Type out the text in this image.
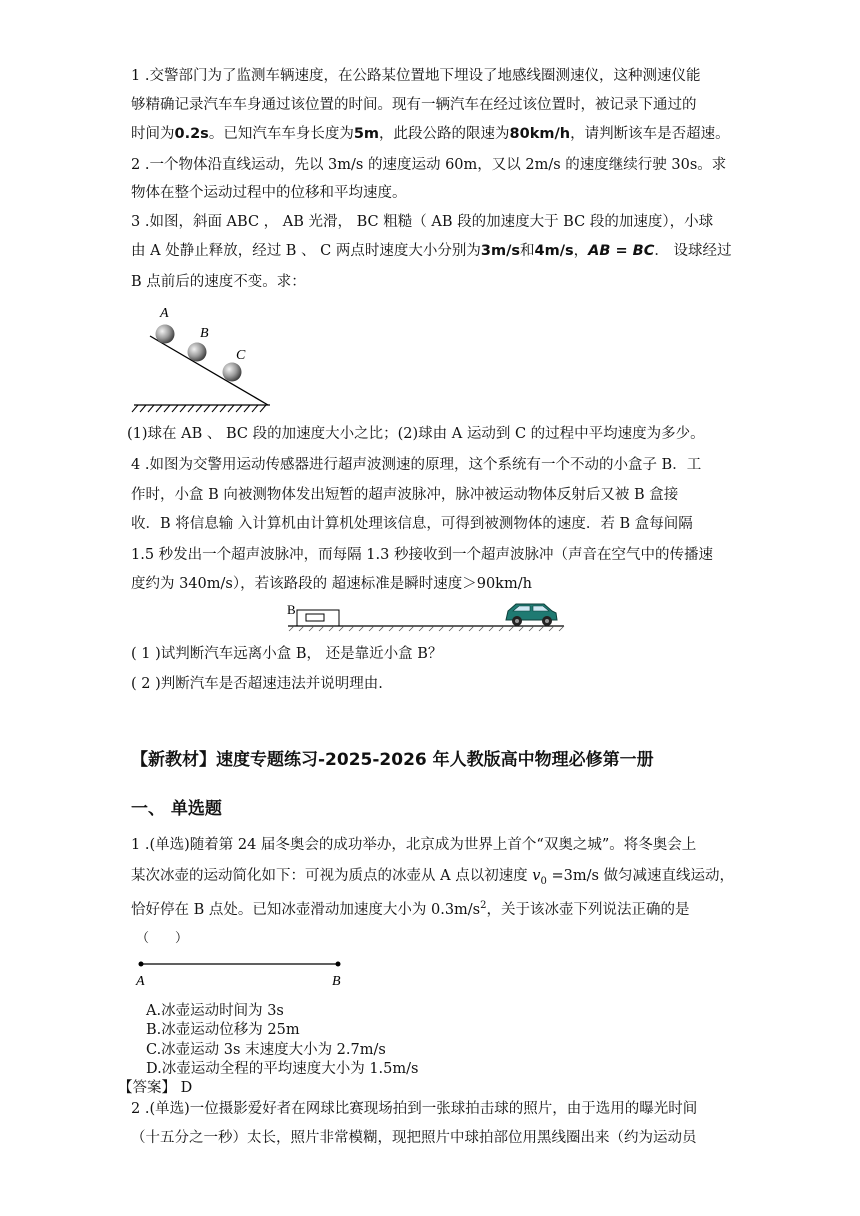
1 .交警部门为了监测车辆速度，在公路某位置地下埋设了地感线圈测速仪，这种测速仪能
够精确记录汽车车身通过该位置的时间。现有一辆汽车在经过该位置时，被记录下通过的
时间为0.2s。已知汽车车身长度为5m，此段公路的限速为80km/h，请判断该车是否超速。
2 .一个物体沿直线运动，先以 3m/s 的速度运动 60m，又以 2m/s 的速度继续行驶 30s。求
物体在整个运动过程中的位移和平均速度。
3 .如图，斜面 ABC ， AB 光滑， BC 粗糙（ AB 段的加速度大于 BC 段的加速度），小球
由 A 处静止释放，经过 B 、 C 两点时速度大小分别为3m/s和4m/s，AB = BC． 设球经过
B 点前后的速度不变。求：
A
B
C
(1)球在 AB 、 BC 段的加速度大小之比；(2)球由 A 运动到 C 的过程中平均速度为多少。
4 .如图为交警用运动传感器进行超声波测速的原理，这个系统有一个不动的小盒子 B．工
作时，小盒 B 向被测物体发出短暂的超声波脉冲，脉冲被运动物体反射后又被 B 盒接
收．B 将信息输 入计算机由计算机处理该信息，可得到被测物体的速度．若 B 盒每间隔
1.5 秒发出一个超声波脉冲，而每隔 1.3 秒接收到一个超声波脉冲（声音在空气中的传播速
度约为 340m/s），若该路段的 超速标准是瞬时速度＞90km/h
B
( 1 )试判断汽车远离小盒 B， 还是靠近小盒 B？
( 2 )判断汽车是否超速违法并说明理由.
【新教材】速度专题练习-2025-2026 年人教版高中物理必修第一册
一、 单选题
1 .(单选)随着第 24 届冬奥会的成功举办，北京成为世界上首个“双奥之城”。将冬奥会上
某次冰壶的运动简化如下：可视为质点的冰壶从 A 点以初速度 $v_0 =3m/s$ 做匀减速直线运动，
恰好停在 B 点处。已知冰壶滑动加速度大小为 $0.3m/s^2$，关于该冰壶下列说法正确的是
（　　）
A	B
A.冰壶运动时间为 3s
B.冰壶运动位移为 25m
C.冰壶运动 3s 末速度大小为 2.7m/s
D.冰壶运动全程的平均速度大小为 1.5m/s
【答案】 D
2 .(单选)一位摄影爱好者在网球比赛现场拍到一张球拍击球的照片，由于选用的曝光时间
（十五分之一秒）太长，照片非常模糊，现把照片中球拍部位用黑线圈出来（约为运动员
